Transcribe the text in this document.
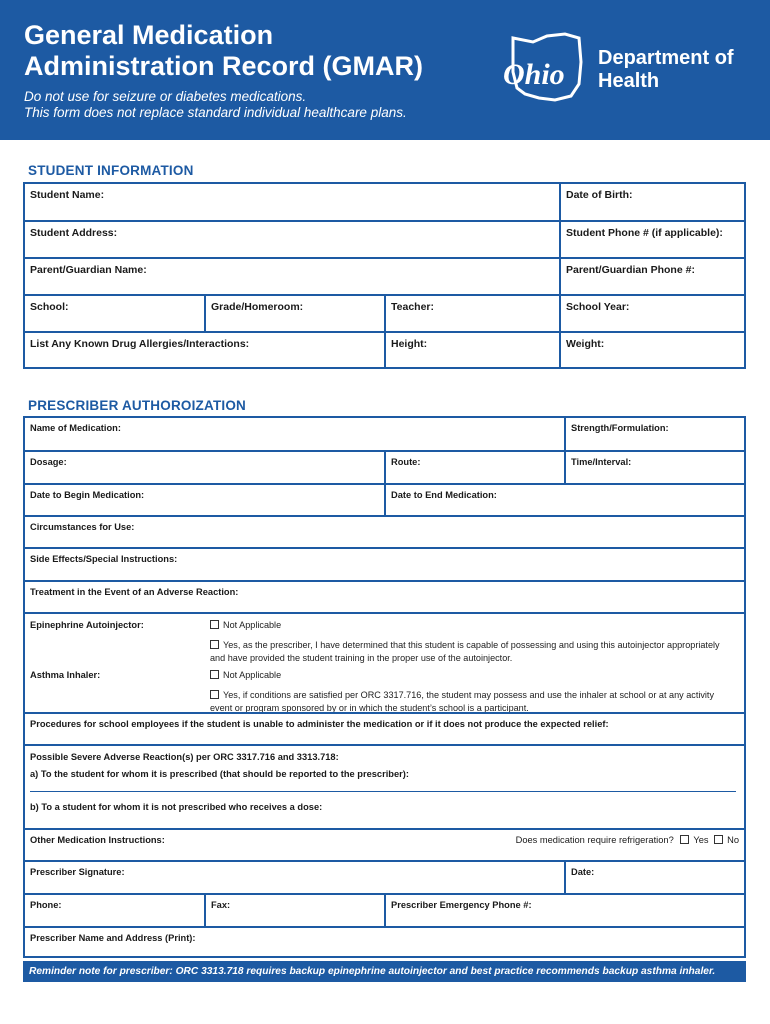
General Medication
Administration Record (GMAR)
Do not use for seizure or diabetes medications.
This form does not replace standard individual healthcare plans.
Ohio Department of
Health
STUDENT INFORMATION
Student Name:	Date of Birth:
Student Address:	Student Phone # (if applicable):
Parent/Guardian Name:	Parent/Guardian Phone #:
School:	Grade/Homeroom:	Teacher:	School Year:
List Any Known Drug Allergies/Interactions:	Height:	Weight:
PRESCRIBER AUTHOROIZATION
Name of Medication:	Strength/Formulation:
Dosage:	Route:	Time/Interval:
Date to Begin Medication:	Date to End Medication:
Circumstances for Use:
Side Effects/Special Instructions:
Treatment in the Event of an Adverse Reaction:
Epinephrine Autoinjector:	Not Applicable
Yes, as the prescriber, I have determined that this student is capable of possessing and using this autoinjector appropriately
and have provided the student training in the proper use of the autoinjector.
Asthma Inhaler:	Not Applicable
Yes, if conditions are satisfied per ORC 3317.716, the student may possess and use the inhaler at school or at any activity
event or program sponsored by or in which the student’s school is a participant.
Procedures for school employees if the student is unable to administer the medication or if it does not produce the expected relief:
Possible Severe Adverse Reaction(s) per ORC 3317.716 and 3313.718:
a) To the student for whom it is prescribed (that should be reported to the prescriber):
b) To a student for whom it is not prescribed who receives a dose:
Other Medication Instructions:	Does medication require refrigeration? Yes No
Prescriber Signature:	Date:
Phone:	Fax:	Prescriber Emergency Phone #:
Prescriber Name and Address (Print):
Reminder note for prescriber: ORC 3313.718 requires backup epinephrine autoinjector and best practice recommends backup asthma inhaler.
